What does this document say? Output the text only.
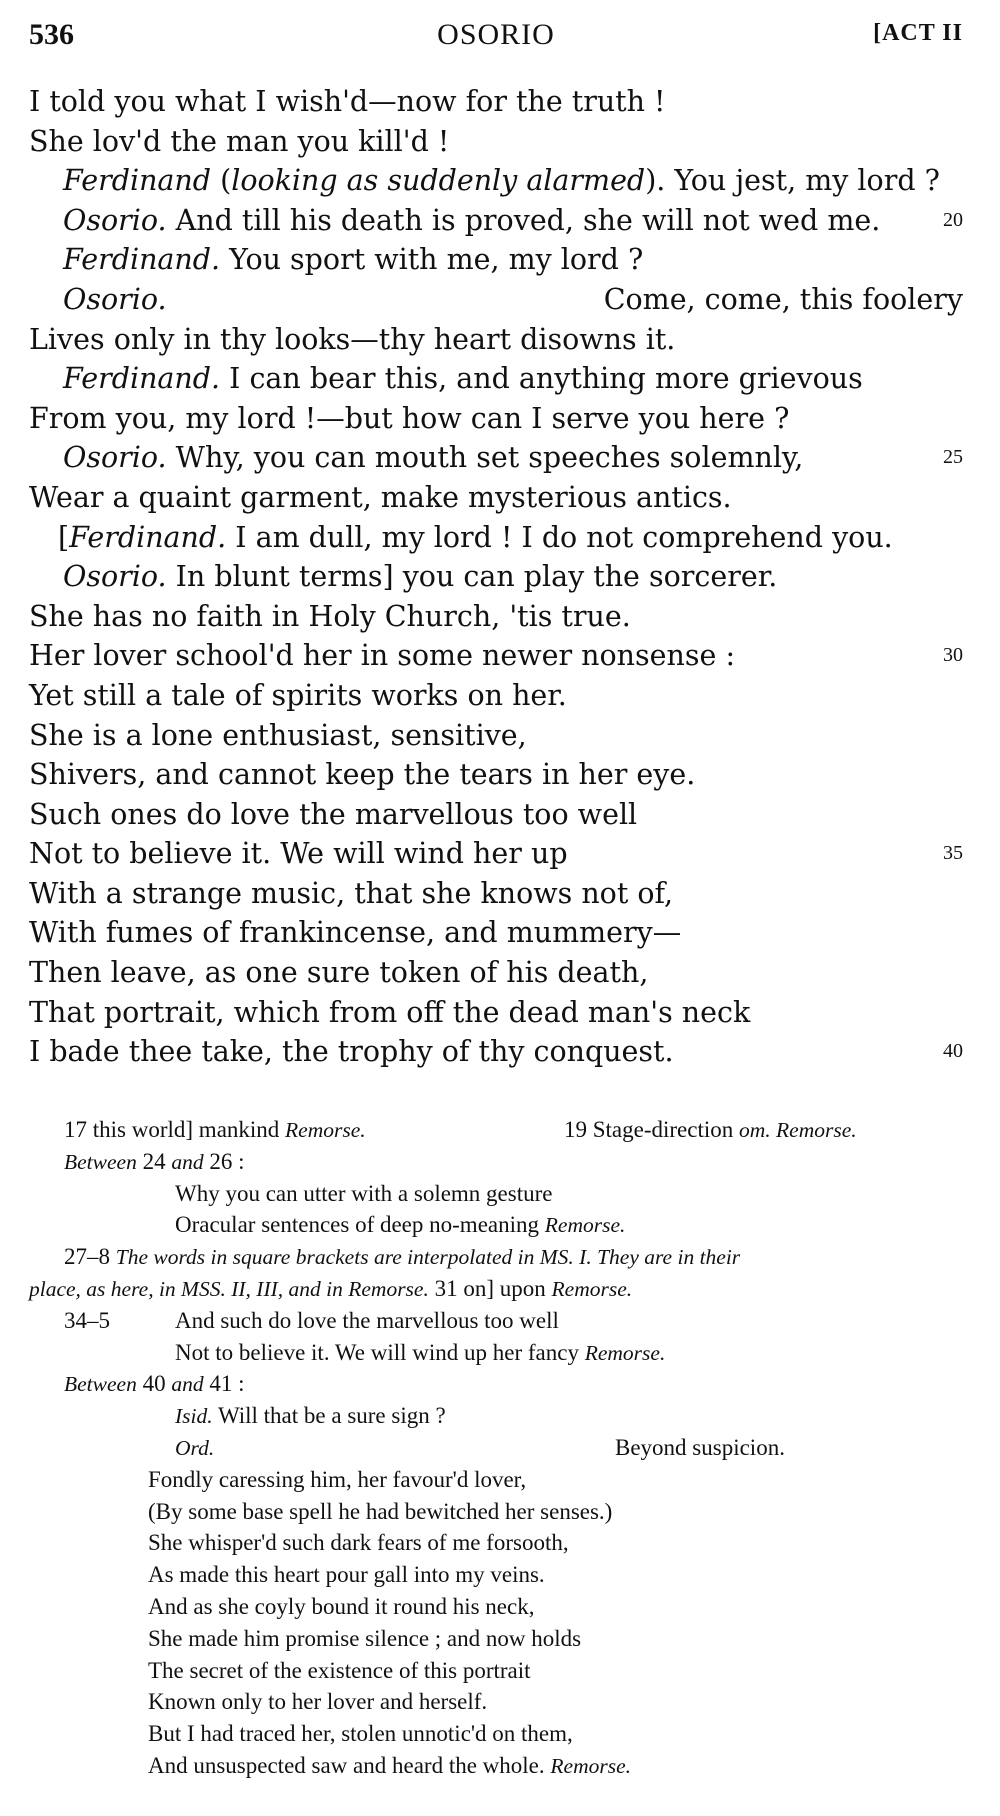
536	OSORIO	[ACT II
I told you what I wish'd—now for the truth !
She lov'd the man you kill'd !
Ferdinand (looking as suddenly alarmed). You jest, my lord ?
Osorio. And till his death is proved, she will not wed me.	20
Ferdinand. You sport with me, my lord ?
Osorio.	Come, come, this foolery
Lives only in thy looks—thy heart disowns it.
Ferdinand. I can bear this, and anything more grievous
From you, my lord !—but how can I serve you here ?
Osorio. Why, you can mouth set speeches solemnly,	25
Wear a quaint garment, make mysterious antics.
[Ferdinand. I am dull, my lord ! I do not comprehend you.
Osorio. In blunt terms] you can play the sorcerer.
She has no faith in Holy Church, 'tis true.
Her lover school'd her in some newer nonsense :	30
Yet still a tale of spirits works on her.
She is a lone enthusiast, sensitive,
Shivers, and cannot keep the tears in her eye.
Such ones do love the marvellous too well
Not to believe it. We will wind her up	35
With a strange music, that she knows not of,
With fumes of frankincense, and mummery—
Then leave, as one sure token of his death,
That portrait, which from off the dead man's neck
I bade thee take, the trophy of thy conquest.	40
17 this world] mankind Remorse.	19 Stage-direction om. Remorse.
Between 24 and 26 :
Why you can utter with a solemn gesture
Oracular sentences of deep no-meaning Remorse.
27–8 The words in square brackets are interpolated in MS. I. They are in their
place, as here, in MSS. II, III, and in Remorse. 31 on] upon Remorse.
34–5	And such do love the marvellous too well
Not to believe it. We will wind up her fancy Remorse.
Between 40 and 41 :
Isid. Will that be a sure sign ?
Ord.	Beyond suspicion.
Fondly caressing him, her favour'd lover,
(By some base spell he had bewitched her senses.)
She whisper'd such dark fears of me forsooth,
As made this heart pour gall into my veins.
And as she coyly bound it round his neck,
She made him promise silence ; and now holds
The secret of the existence of this portrait
Known only to her lover and herself.
But I had traced her, stolen unnotic'd on them,
And unsuspected saw and heard the whole. Remorse.
